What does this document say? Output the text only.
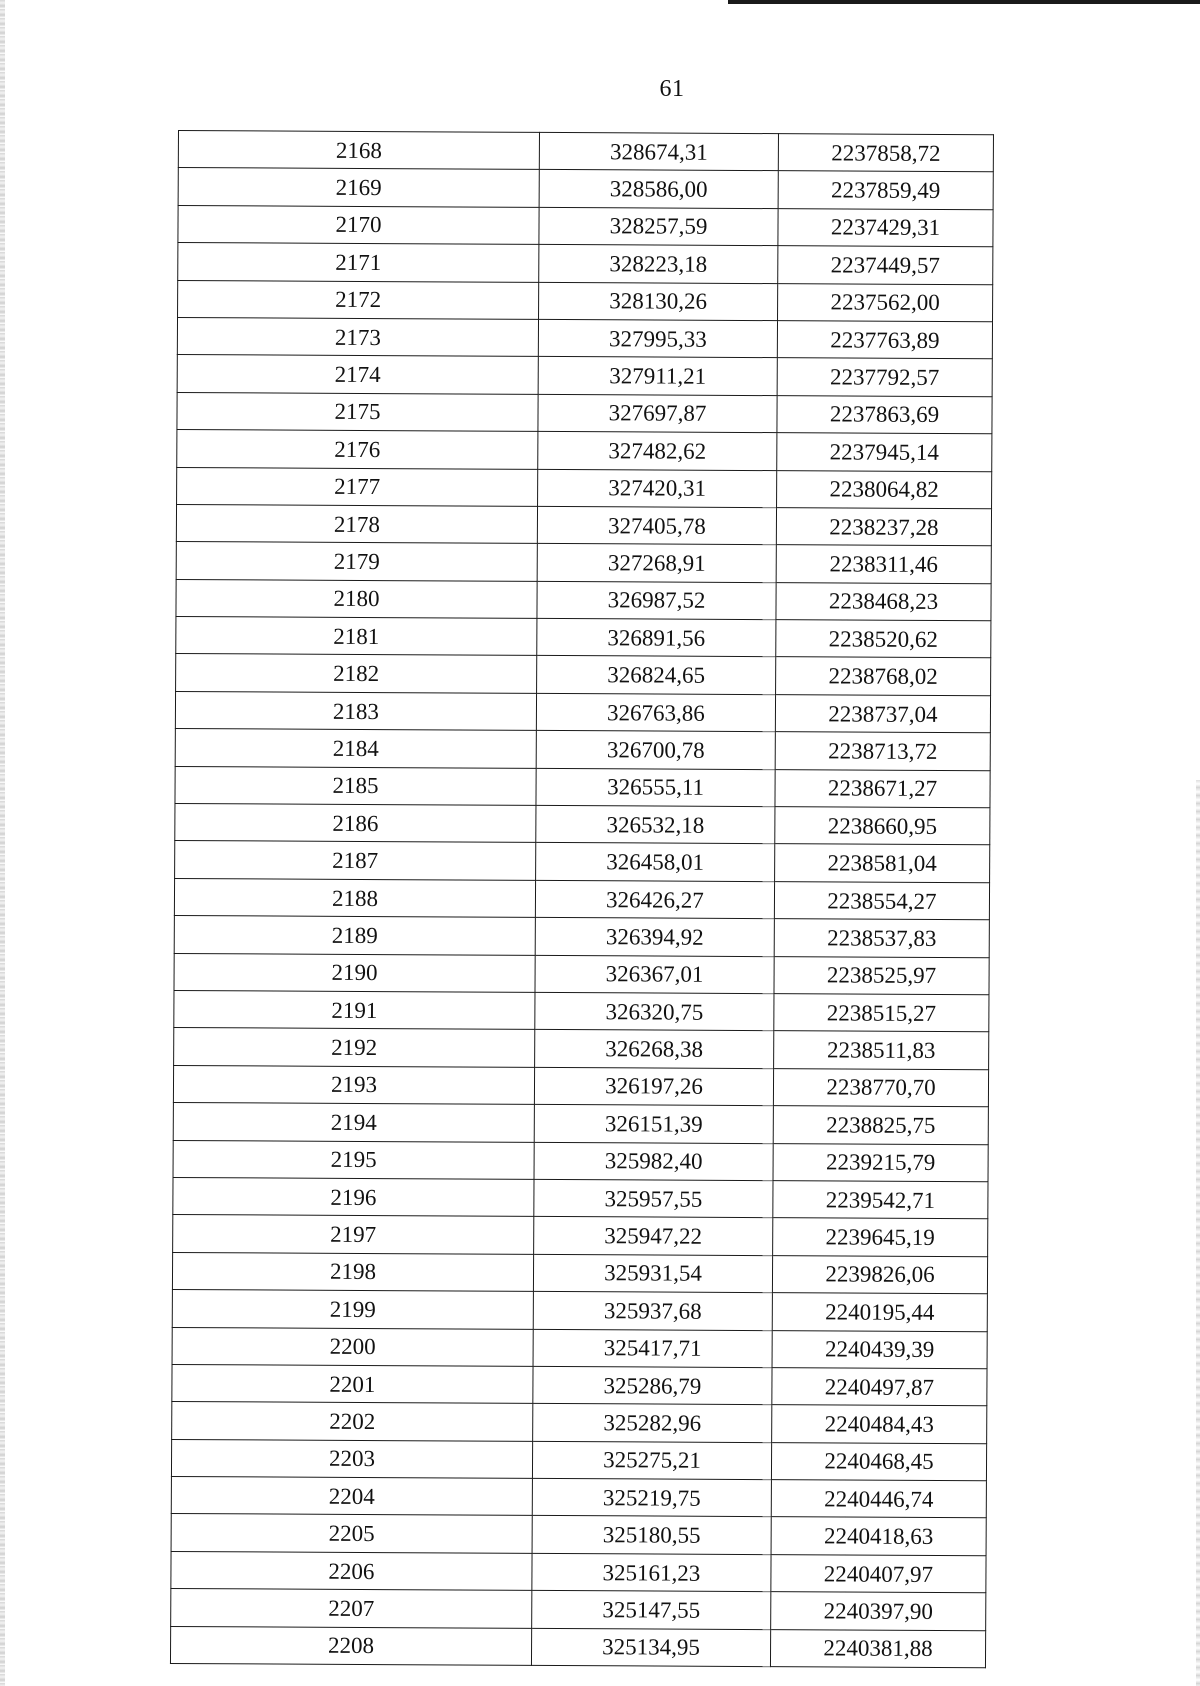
61
2168	328674,31	2237858,72
2169	328586,00	2237859,49
2170	328257,59	2237429,31
2171	328223,18	2237449,57
2172	328130,26	2237562,00
2173	327995,33	2237763,89
2174	327911,21	2237792,57
2175	327697,87	2237863,69
2176	327482,62	2237945,14
2177	327420,31	2238064,82
2178	327405,78	2238237,28
2179	327268,91	2238311,46
2180	326987,52	2238468,23
2181	326891,56	2238520,62
2182	326824,65	2238768,02
2183	326763,86	2238737,04
2184	326700,78	2238713,72
2185	326555,11	2238671,27
2186	326532,18	2238660,95
2187	326458,01	2238581,04
2188	326426,27	2238554,27
2189	326394,92	2238537,83
2190	326367,01	2238525,97
2191	326320,75	2238515,27
2192	326268,38	2238511,83
2193	326197,26	2238770,70
2194	326151,39	2238825,75
2195	325982,40	2239215,79
2196	325957,55	2239542,71
2197	325947,22	2239645,19
2198	325931,54	2239826,06
2199	325937,68	2240195,44
2200	325417,71	2240439,39
2201	325286,79	2240497,87
2202	325282,96	2240484,43
2203	325275,21	2240468,45
2204	325219,75	2240446,74
2205	325180,55	2240418,63
2206	325161,23	2240407,97
2207	325147,55	2240397,90
2208	325134,95	2240381,88
